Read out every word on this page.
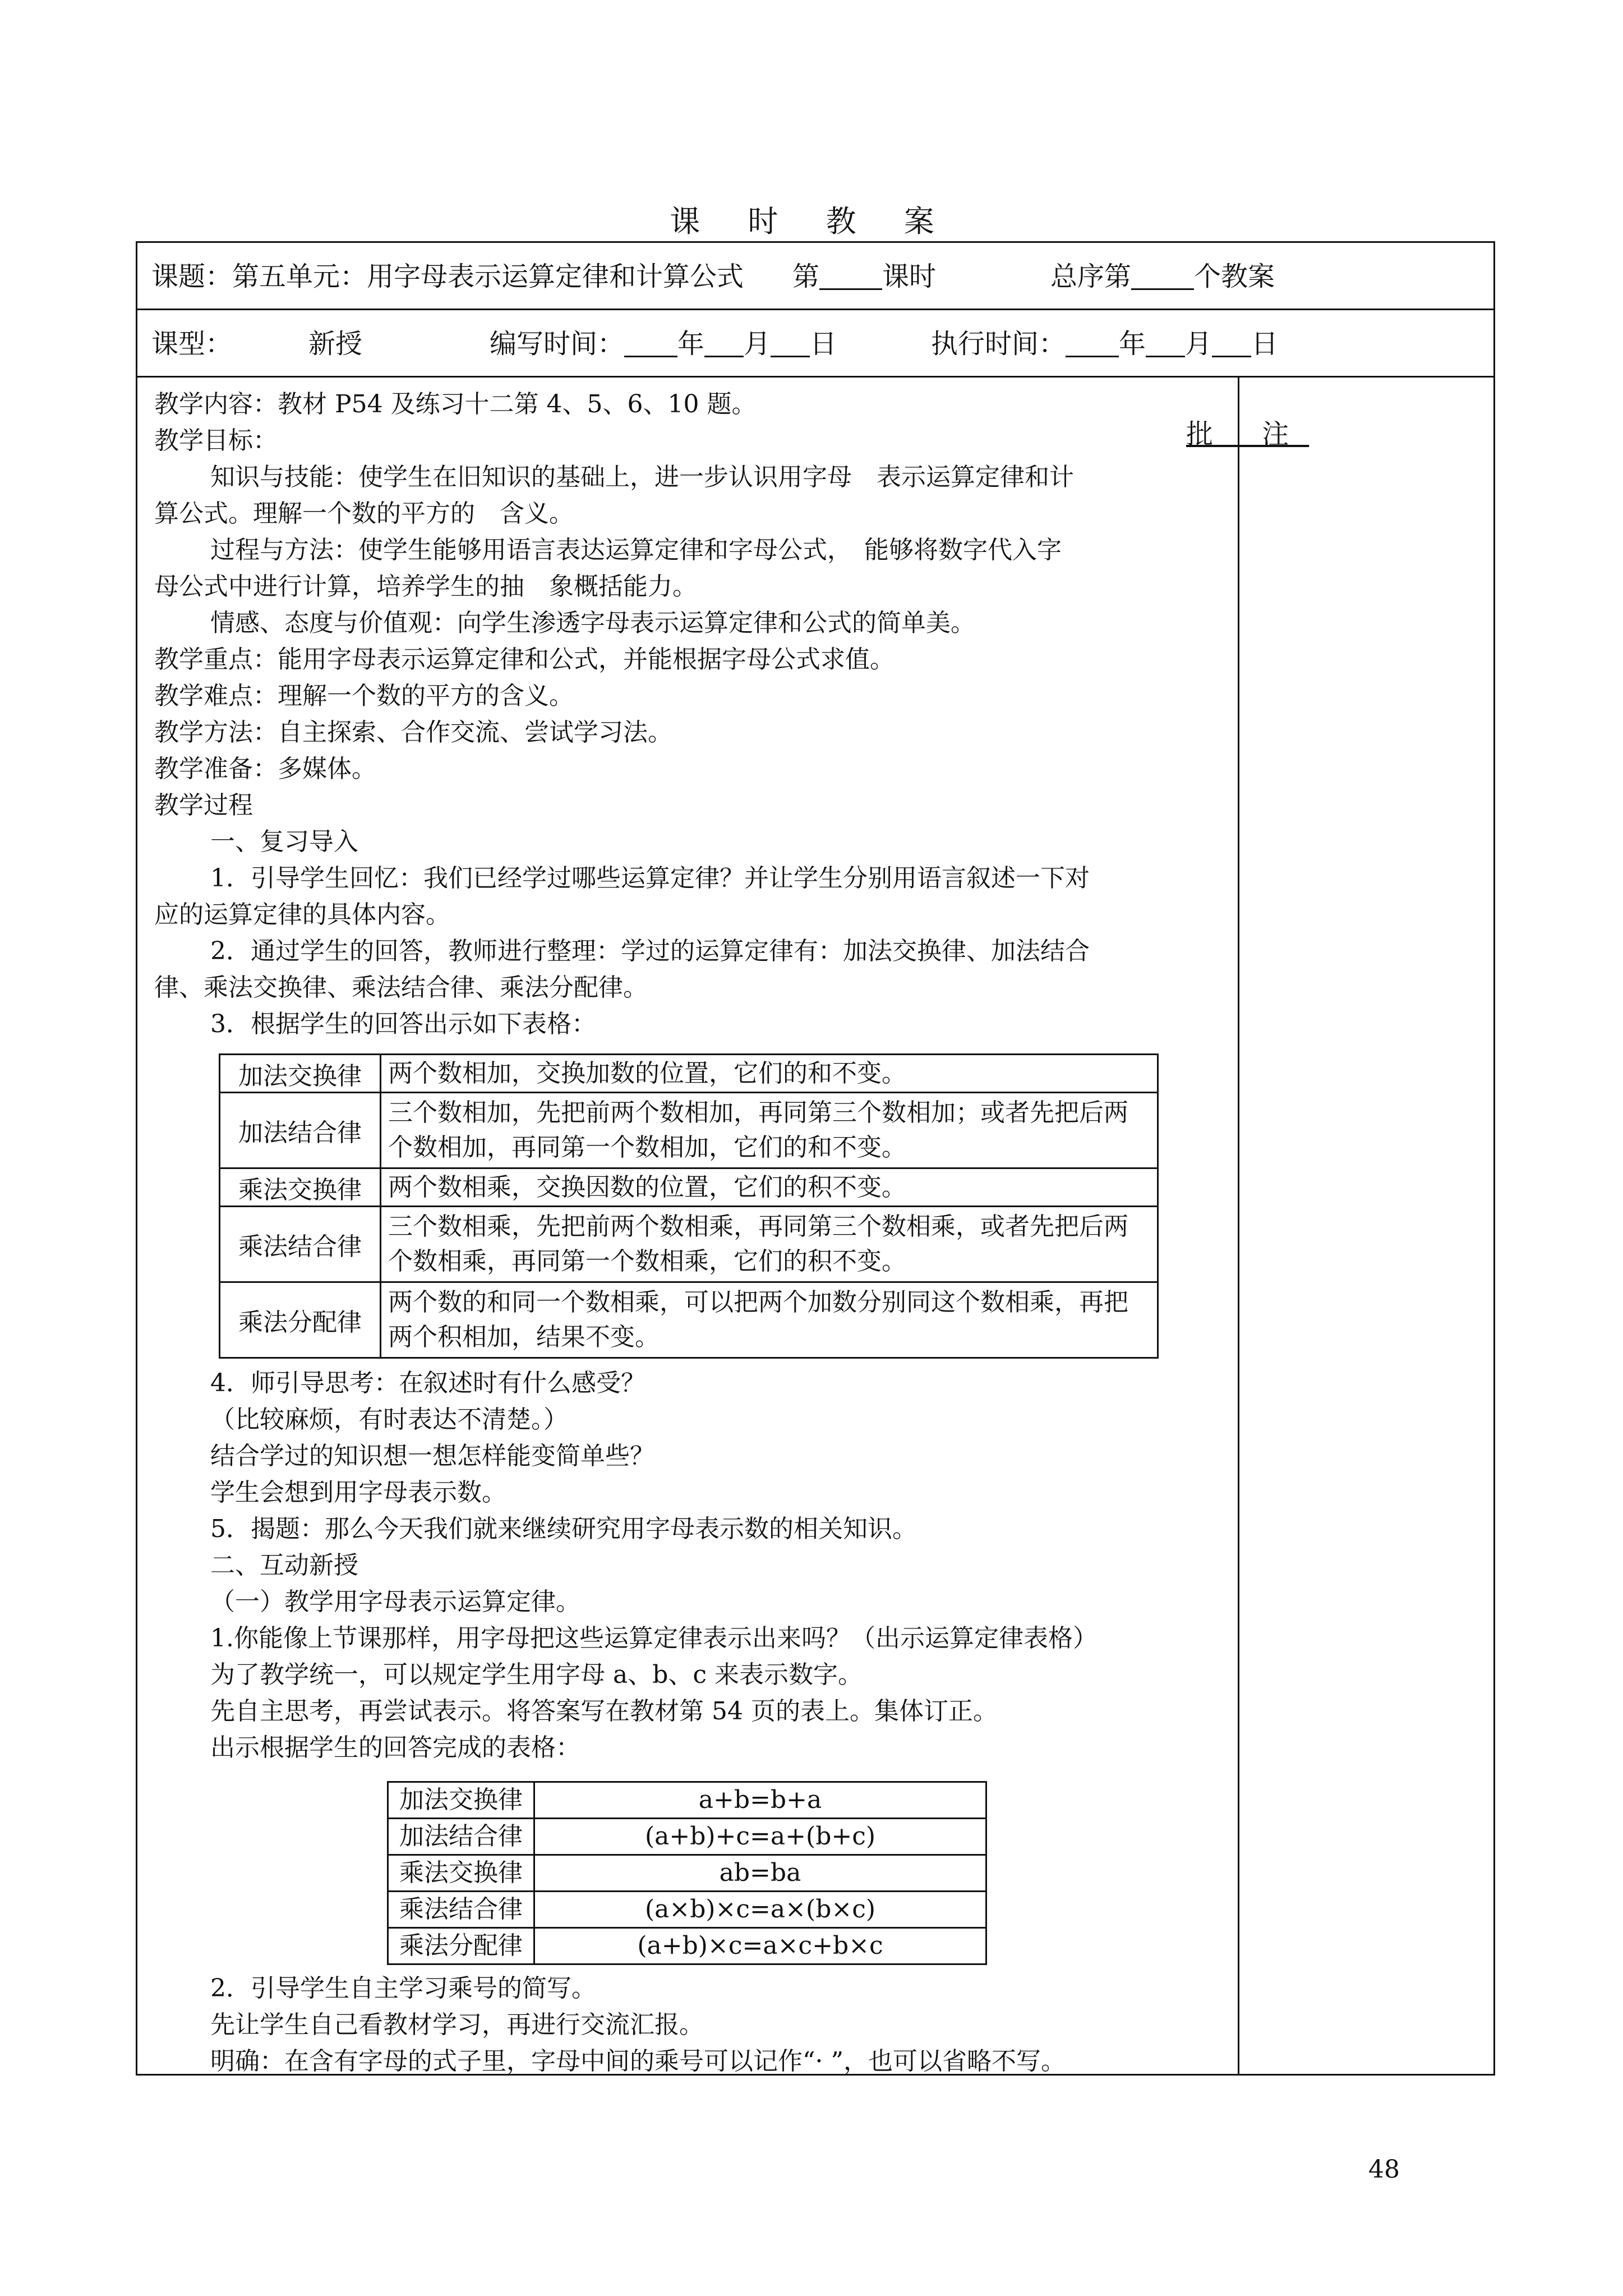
课 时 教 案
课题：第五单元：用字母表示运算定律和计算公式 第 课时	总序第 个教案
课型：	新授	编写时间： 年 月 日	执行时间： 年 月 日
批 注

教学内容：教材 P54 及练习十二第 4、5、6、10 题。

教学目标：

知识与技能：使学生在旧知识的基础上，进一步认识用字母　表示运算定律和计

算公式。理解一个数的平方的　含义。

过程与方法：使学生能够用语言表达运算定律和字母公式，　能够将数字代入字

母公式中进行计算，培养学生的抽　象概括能力。

情感、态度与价值观：向学生渗透字母表示运算定律和公式的简单美。

教学重点：能用字母表示运算定律和公式，并能根据字母公式求值。

教学难点：理解一个数的平方的含义。

教学方法：自主探索、合作交流、尝试学习法。

教学准备：多媒体。

教学过程

一、复习导入

1．引导学生回忆：我们已经学过哪些运算定律？并让学生分别用语言叙述一下对

应的运算定律的具体内容。

2．通过学生的回答，教师进行整理：学过的运算定律有：加法交换律、加法结合

律、乘法交换律、乘法结合律、乘法分配律。

3．根据学生的回答出示如下表格：

加法交换律	两个数相加，交换加数的位置，它们的和不变。
加法结合律	三个数相加，先把前两个数相加，再同第三个数相加；或者先把后两个数相加，再同第一个数相加，它们的和不变。
乘法交换律	两个数相乘，交换因数的位置，它们的积不变。
乘法结合律	三个数相乘，先把前两个数相乘，再同第三个数相乘，或者先把后两个数相乘，再同第一个数相乘，它们的积不变。
乘法分配律	两个数的和同一个数相乘，可以把两个加数分别同这个数相乘，再把两个积相加，结果不变。

4．师引导思考：在叙述时有什么感受？

（比较麻烦，有时表达不清楚。）

结合学过的知识想一想怎样能变简单些？

学生会想到用字母表示数。

5．揭题：那么今天我们就来继续研究用字母表示数的相关知识。

二、互动新授

（一）教学用字母表示运算定律。

1.你能像上节课那样，用字母把这些运算定律表示出来吗？（出示运算定律表格）

为了教学统一，可以规定学生用字母 a、b、c 来表示数字。

先自主思考，再尝试表示。将答案写在教材第 54 页的表上。集体订正。

出示根据学生的回答完成的表格：

加法交换律	a+b=b+a
加法结合律	(a+b)+c=a+(b+c)
乘法交换律	ab=ba
乘法结合律	(a×b)×c=a×(b×c)
乘法分配律	(a+b)×c=a×c+b×c

2．引导学生自主学习乘号的简写。

先让学生自己看教材学习，再进行交流汇报。

明确：在含有字母的式子里，字母中间的乘号可以记作“· ”，也可以省略不写。

48
